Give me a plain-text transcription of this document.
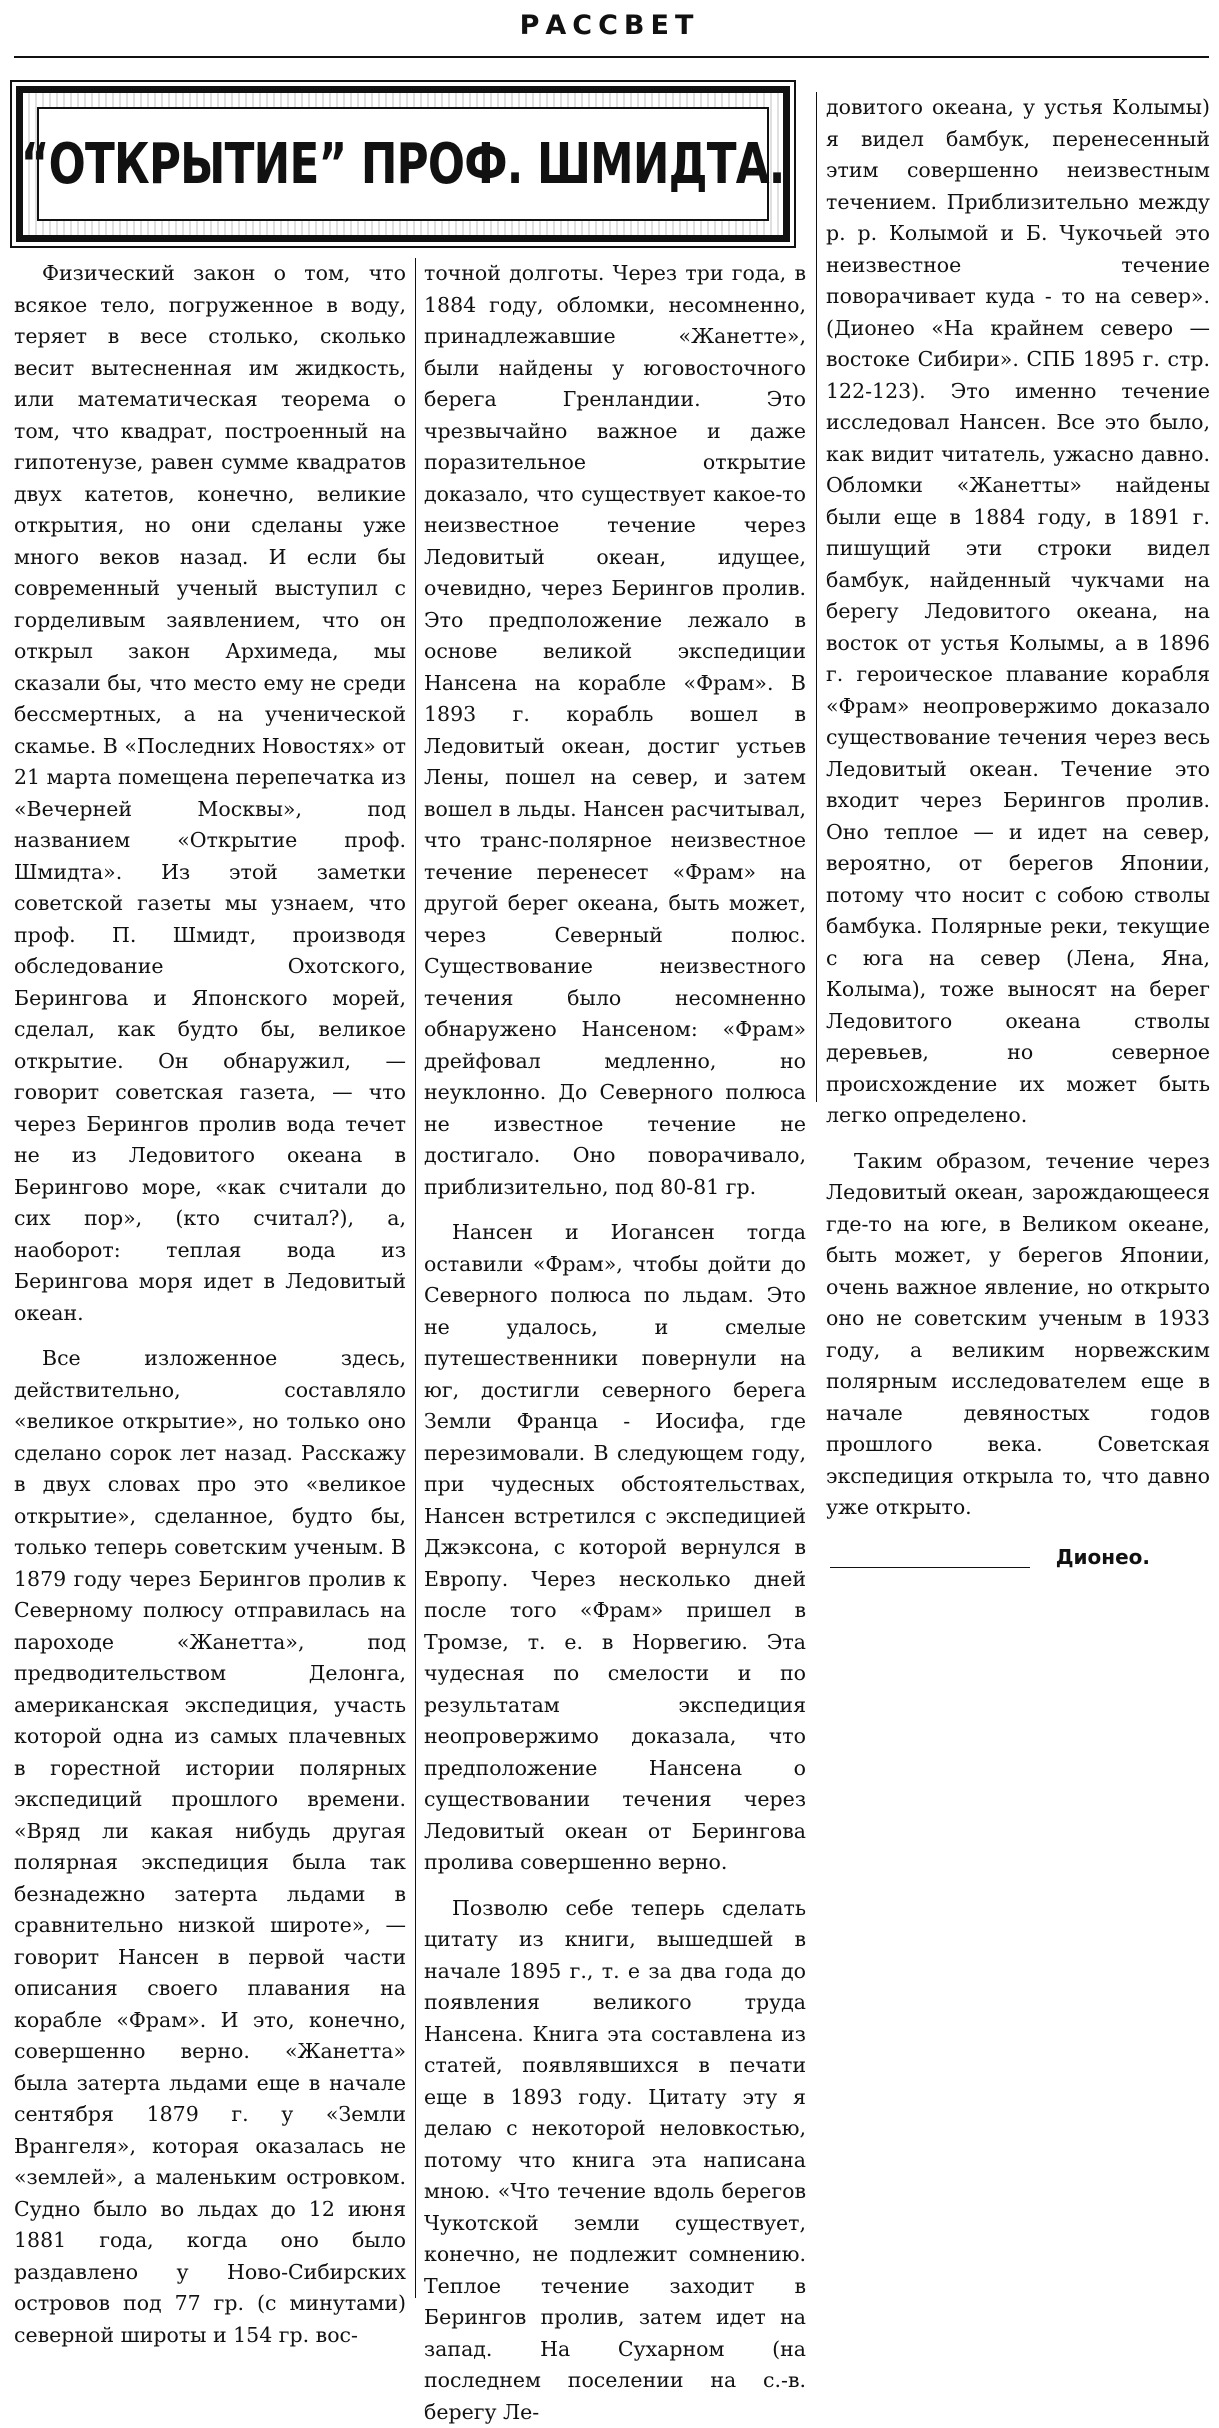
РАССВЕТ
“ОТКРЫТИЕ” ПРОФ. ШМИДТА.

Физический закон о том, что всякое тело, погруженное в воду, теряет в весе столько, сколько весит вытесненная им жидкость, или математическая теорема о том, что квадрат, построенный на гипотенузе, равен сумме квадратов двух катетов, конечно, великие открытия, но они сделаны уже много веков назад. И если бы современный ученый выступил с горделивым заявлением, что он открыл закон Архимеда, мы сказали бы, что место ему не среди бессмертных, а на ученической скамье. В «Последних Новостях» от 21 марта помещена перепечатка из «Вечерней Москвы», под названием «Открытие проф. Шмидта». Из этой заметки советской газеты мы узнаем, что проф. П. Шмидт, производя обследование Охотского, Берингова и Японского морей, сделал, как будто бы, великое открытие. Он обнаружил, — говорит советская газета, — что через Берингов пролив вода течет не из Ледовитого океана в Берингово море, «как считали до сих пор», (кто считал?), а, наоборот: теплая вода из Берингова моря идет в Ледовитый океан.

Все изложенное здесь, действительно, составляло «великое открытие», но только оно сделано сорок лет назад. Расскажу в двух словах про это «великое открытие», сделанное, будто бы, только теперь советским ученым. В 1879 году через Берингов пролив к Северному полюсу отправилась на пароходе «Жанетта», под предводительством Делонга, американская экспедиция, участь которой одна из самых плачевных в горестной истории полярных экспедиций прошлого времени. «Вряд ли какая нибудь другая полярная экспедиция была так безнадежно затерта льдами в сравнительно низкой широте», — говорит Нансен в первой части описания своего плавания на корабле «Фрам». И это, конечно, совершенно верно. «Жанетта» была затерта льдами еще в начале сентября 1879 г. у «Земли Врангеля», которая оказалась не «землей», а маленьким островком. Судно было во льдах до 12 июня 1881 года, когда оно было раздавлено у Ново-Сибирских островов под 77 гр. (с минутами) северной широты и 154 гр. вос-

точной долготы. Через три года, в 1884 году, обломки, несомненно, принадлежавшие «Жанетте», были найдены у юговосточного берега Гренландии. Это чрезвычайно важное и даже поразительное открытие доказало, что существует какое-то неизвестное течение через Ледовитый океан, идущее, очевидно, через Берингов пролив. Это предположение лежало в основе великой экспедиции Нансена на корабле «Фрам». В 1893 г. корабль вошел в Ледовитый океан, достиг устьев Лены, пошел на север, и затем вошел в льды. Нансен расчитывал, что транс-полярное неизвестное течение перенесет «Фрам» на другой берег океана, быть может, через Северный полюс. Существование неизвестного течения было несомненно обнаружено Нансеном: «Фрам» дрейфовал медленно, но неуклонно. До Северного полюса не известное течение не достигало. Оно поворачивало, приблизительно, под 80-81 гр.

Нансен и Иогансен тогда оставили «Фрам», чтобы дойти до Северного полюса по льдам. Это не удалось, и смелые путешественники повернули на юг, достигли северного берега Земли Франца - Иосифа, где перезимовали. В следующем году, при чудесных обстоятельствах, Нансен встретился с экспедицией Джэксона, с которой вернулся в Европу. Через несколько дней после того «Фрам» пришел в Тромзе, т. е. в Норвегию. Эта чудесная по смелости и по результатам экспедиция неопровержимо доказала, что предположение Нансена о существовании течения через Ледовитый океан от Берингова пролива совершенно верно.

Позволю себе теперь сделать цитату из книги, вышедшей в начале 1895 г., т. е за два года до появления великого труда Нансена. Книга эта составлена из статей, появлявшихся в печати еще в 1893 году. Цитату эту я делаю с некоторой неловкостью, потому что книга эта написана мною. «Что течение вдоль берегов Чукотской земли существует, конечно, не подлежит сомнению. Теплое течение заходит в Берингов пролив, затем идет на запад. На Сухарном (на последнем поселении на с.-в. берегу Ле-

довитого океана, у устья Колымы) я видел бамбук, перенесенный этим совершенно неизвестным течением. Приблизительно между р. р. Колымой и Б. Чукочьей это неизвестное течение поворачивает куда - то на север». (Дионео «На крайнем северо — востоке Сибири». СПБ 1895 г. стр. 122-123). Это именно течение исследовал Нансен. Все это было, как видит читатель, ужасно давно. Обломки «Жанетты» найдены были еще в 1884 году, в 1891 г. пишущий эти строки видел бамбук, найденный чукчами на берегу Ледовитого океана, на восток от устья Колымы, а в 1896 г. героическое плавание корабля «Фрам» неопровержимо доказало существование течения через весь Ледовитый океан. Течение это входит через Берингов пролив. Оно теплое — и идет на север, вероятно, от берегов Японии, потому что носит с собою стволы бамбука. Полярные реки, текущие с юга на север (Лена, Яна, Колыма), тоже выносят на берег Ледовитого океана стволы деревьев, но северное происхождение их может быть легко определено.

Таким образом, течение через Ледовитый океан, зарождающееся где-то на юге, в Великом океане, быть может, у берегов Японии, очень важное явление, но открыто оно не советским ученым в 1933 году, а великим норвежским полярным исследователем еще в начале девяностых годов прошлого века. Советская экспедиция открыла то, что давно уже открыто.

Дионео.
